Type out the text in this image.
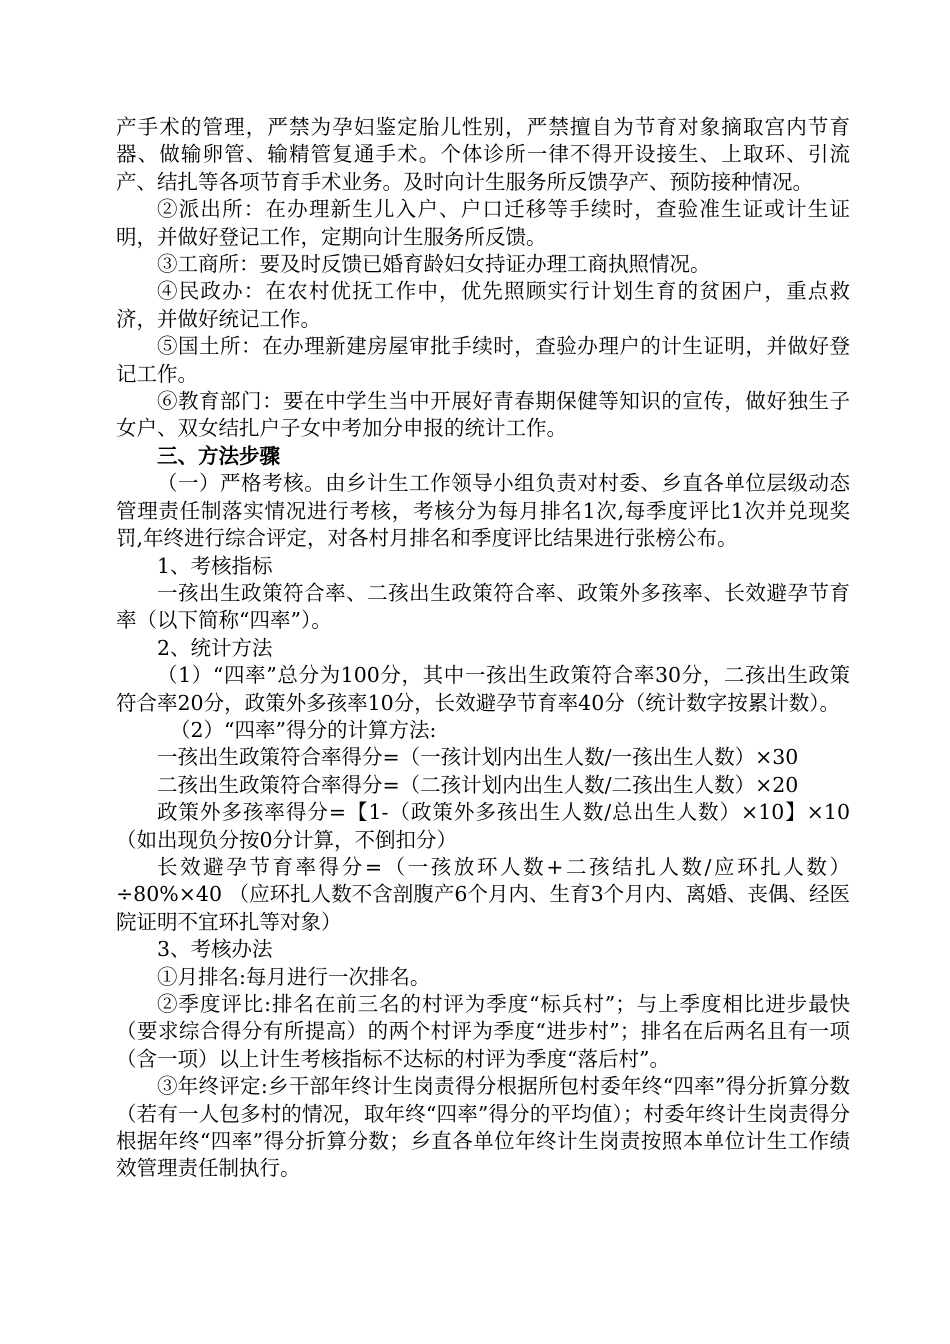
产手术的管理，严禁为孕妇鉴定胎儿性别，严禁擅自为节育对象摘取宫内节育器、做输卵管、输精管复通手术。个体诊所一律不得开设接生、上取环、引流产、结扎等各项节育手术业务。及时向计生服务所反馈孕产、预防接种情况。

②派出所：在办理新生儿入户、户口迁移等手续时，查验准生证或计生证明，并做好登记工作，定期向计生服务所反馈。

③工商所：要及时反馈已婚育龄妇女持证办理工商执照情况。

④民政办：在农村优抚工作中，优先照顾实行计划生育的贫困户，重点救济，并做好统记工作。

⑤国土所：在办理新建房屋审批手续时，查验办理户的计生证明，并做好登记工作。

⑥教育部门：要在中学生当中开展好青春期保健等知识的宣传，做好独生子女户、双女结扎户子女中考加分申报的统计工作。

三、方法步骤

（一）严格考核。由乡计生工作领导小组负责对村委、乡直各单位层级动态管理责任制落实情况进行考核，考核分为每月排名1次,每季度评比1次并兑现奖罚,年终进行综合评定，对各村月排名和季度评比结果进行张榜公布。

1、考核指标

一孩出生政策符合率、二孩出生政策符合率、政策外多孩率、长效避孕节育率（以下简称“四率”）。

2、统计方法

（1）“四率”总分为100分，其中一孩出生政策符合率30分，二孩出生政策符合率20分，政策外多孩率10分，长效避孕节育率40分（统计数字按累计数）。

（2）“四率”得分的计算方法:

一孩出生政策符合率得分=（一孩计划内出生人数/一孩出生人数）×30

二孩出生政策符合率得分=（二孩计划内出生人数/二孩出生人数）×20

政策外多孩率得分=【1-（政策外多孩出生人数/总出生人数）×10】×10（如出现负分按0分计算，不倒扣分）

长效避孕节育率得分=（一孩放环人数+二孩结扎人数/应环扎人数）÷80%×40 （应环扎人数不含剖腹产6个月内、生育3个月内、离婚、丧偶、经医院证明不宜环扎等对象）

3、考核办法

①月排名:每月进行一次排名。

②季度评比:排名在前三名的村评为季度“标兵村”；与上季度相比进步最快（要求综合得分有所提高）的两个村评为季度“进步村”；排名在后两名且有一项（含一项）以上计生考核指标不达标的村评为季度“落后村”。

③年终评定:乡干部年终计生岗责得分根据所包村委年终“四率”得分折算分数（若有一人包多村的情况，取年终“四率”得分的平均值）；村委年终计生岗责得分根据年终“四率”得分折算分数；乡直各单位年终计生岗责按照本单位计生工作绩效管理责任制执行。
